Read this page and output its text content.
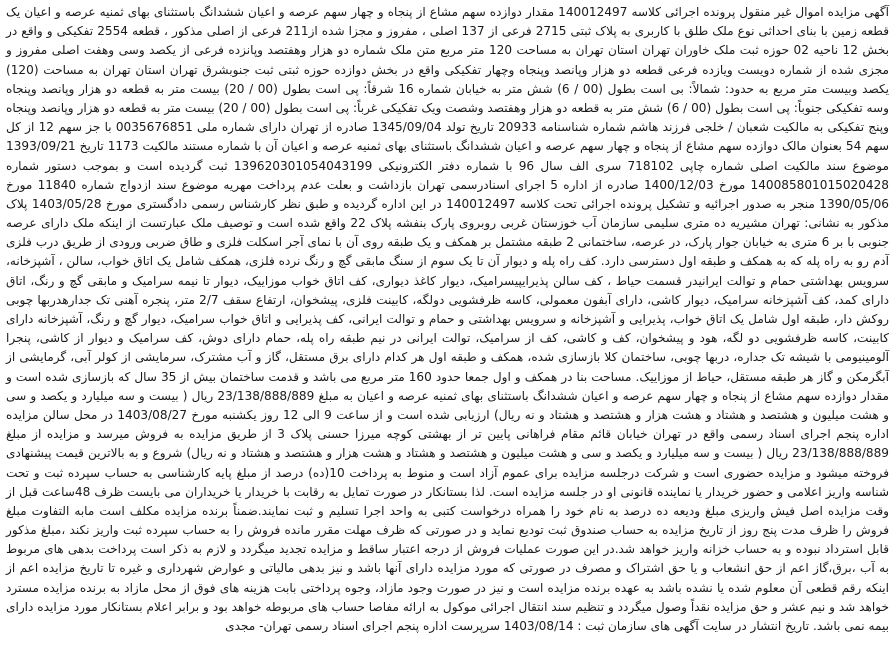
آگهی مزایده اموال غیر منقول پرونده اجرائی کلاسه 140012497 مقدار دوازده سهم مشاع از پنجاه و چهار سهم عرصه و اعیان ششدانگ باستثنای بهای ثمنیه عرصه و اعیان یک قطعه زمین با بنای احداثی نوع ملک طلق با کاربری به پلاک ثبتی 2715 فرعی از 137 اصلی ، مفروز و مجزا شده از211 فرعی از اصلی مذکور ، قطعه 2554 تفکیکی و واقع در بخش 12 ناحیه 02 حوزه ثبت ملک خاوران تهران استان تهران به مساحت 120 متر مربع متن ملک شماره دو هزار وهفتصد وپانزده فرعی از یکصد وسی وهفت اصلی مفروز و مجزی شده از شماره دویست ویازده فرعی قطعه دو هزار وپانصد وپنجاه وچهار تفکیکی واقع در بخش دوازده حوزه ثبتی ثبت جنوبشرق تهران استان تهران به مساحت (120) یکصد وبیست متر مربع به حدود: شمالاً: بی است بطول (00 / 6) شش متر به خیابان شماره 16 شرقاً: پی است بطول (00 / 20) بیست متر به قطعه دو هزار وپانصد وپنجاه وسه تفکیکی جنوباً: پی است بطول (00 / 6) شش متر به قطعه دو هزار وهفتصد وشصت ویک تفکیکی غرباً: پی است بطول (00 / 20) بیست متر به قطعه دو هزار وپانصد وپنجاه وپنج تفکیکی به مالکیت شعبان / خلجی فرزند هاشم شماره شناسنامه 20933 تاریخ تولد 1345/09/04 صادره از تهران دارای شماره ملی 0035676851 با جز سهم 12 از کل سهم 54 بعنوان مالک دوازده سهم مشاع از پنجاه و چهار سهم عرصه و اعیان ششدانگ باستثنای بهای ثمنیه عرصه و اعیان آن با شماره مستند مالکیت 1173 تاریخ 1393/09/21 موضوع سند مالکیت اصلی شماره چاپی 718102 سری الف سال 96 با شماره دفتر الکترونیکی 139620301054043199 ثبت گردیده است و بموجب دستور شماره 140085801015020428 مورخ 1400/12/03 صادره از اداره 5 اجرای اسنادرسمی تهران بازداشت و بعلت عدم پرداخت مهریه موضوع سند ازدواج شماره 11840 مورخ 1390/05/06 منجر به صدور اجرائیه و تشکیل پرونده اجرائی تحت کلاسه 140012497 در این اداره گردیده و طبق نظر کارشناس رسمی دادگستری مورخ 1403/05/28 پلاک مذکور به نشانی: تهران مشیریه ده متری سلیمی سازمان آب خوزستان غربی روبروی پارک بنفشه پلاک 22 واقع شده است و توصیف ملک عبارتست از اینکه ملک دارای عرصه جنوبی با بر 6 متری به خیابان جوار پارک، در عرصه، ساختمانی 2 طبقه مشتمل بر همکف و یک طبقه روی آن با نمای آجر اسکلت فلزی و طاق ضربی ورودی از طریق درب فلزی آدم رو به راه پله که به همکف و طبقه اول دسترسی دارد. کف راه پله و دیوار آن تا یک سوم از سنگ مابقی گچ و رنگ نرده فلزی، همکف شامل یک اتاق خواب، سالن ، آشپزخانه، سرویس بهداشتی حمام و توالت ایرانیدر قسمت حیاط ، کف سالن پذیرایپیسرامیک، دیوار کاغذ دیواری، کف اتاق خواب موزاییک، دیوار تا نیمه سرامیک و مابقی گچ و رنگ، اتاق دارای کمد، کف آشپزخانه سرامیک، دیوار کاشی، دارای آبفون معمولی، کاسه ظرفشویی دولگه، کابینت فلزی، پیشخوان، ارتفاع سقف 2/7 متر، پنجره آهنی تک جدارهدربها چوبی روکش دار، طبقه اول شامل یک اتاق خواب، پذیرایی و آشپزخانه و سرویس بهداشتی و حمام و توالت ایرانی، کف پذیرایی و اتاق خواب سرامیک، دیوار گچ و رنگ، آشپزخانه دارای کابینت، کاسه ظرفشویی دو لگه، هود و پیشخوان، کف و کاشی، کف از سرامیک، توالت ایرانی در نیم طبقه راه پله، حمام دارای دوش، کف سرامیک و دیوار از کاشی، پنجرا آلومینیومی با شیشه تک جداره، دربها چوبی، ساختمان کلا بازسازی شده، همکف و طبقه اول هر کدام دارای برق مستقل، گاز و آب مشترک، سرمایشی از کولر آبی، گرمایشی از آبگرمکن و گاز هر طبقه مستقل، حیاط از موزاییک. مساحت بنا در همکف و اول جمعا حدود 160 متر مربع می باشد و قدمت ساختمان بیش از 35 سال که بازسازی شده است و مقدار دوازده سهم مشاع از پنجاه و چهار سهم عرصه و اعیان ششدانگ باستثنای بهای ثمنیه عرصه و اعیان به مبلغ 23/138/888/889 ریال ( بیست و سه میلیارد و یکصد و سی و هشت میلیون و هشتصد و هشتاد و هشت هزار و هشتصد و هشتاد و نه ریال) ارزیابی شده است و از ساعت 9 الی 12 روز یکشنبه مورخ 1403/08/27 در محل سالن مزایده اداره پنجم اجرای اسناد رسمی واقع در تهران خیابان قائم مقام فراهانی پایین تر از بهشتی کوچه میرزا حسنی پلاک 3 از طریق مزایده به فروش میرسد و مزایده از مبلغ 23/138/888/889 ریال ( بیست و سه میلیارد و یکصد و سی و هشت میلیون و هشتصد و هشتاد و هشت هزار و هشتصد و هشتاد و نه ریال) شروع و به بالاترین قیمت پیشنهادی فروخته میشود و مزایده حضوری است و شرکت درجلسه مزایده برای عموم آزاد است و منوط به پرداخت 10(ده) درصد از مبلغ پایه کارشناسی به حساب سپرده ثبت و تحت شناسه واریز اعلامی و حضور خریدار یا نماینده قانونی او در جلسه مزایده است. لذا بستانکار در صورت تمایل به رقابت با خریدار یا خریداران می بایست ظرف 48ساعت قبل از وقت مزایده اصل فیش واریزی مبلغ ودیعه ده درصد به نام خود را همراه درخواست کتبی به واحد اجرا تسلیم و ثبت نمایند.ضمناً برنده مزایده مکلف است مابه التفاوت مبلغ فروش را ظرف مدت پنج روز از تاریخ مزایده به حساب صندوق ثبت تودیع نماید و در صورتی که ظرف مهلت مقرر مانده فروش را به حساب سپرده ثبت واریز نکند ،مبلغ مذکور قابل استرداد نبوده و به حساب خزانه واریز خواهد شد.در این صورت عملیات فروش از درجه اعتبار ساقط و مزایده تجدید میگردد و لازم به ذکر است پرداخت بدهی های مربوط به آب ،برق،گاز اعم از حق انشعاب و یا حق اشتراک و مصرف در صورتی که مورد مزایده دارای آنها باشد و نیز بدهی مالیاتی و عوارض شهرداری و غیره تا تاریخ مزایده اعم از اینکه رقم قطعی آن معلوم شده یا نشده باشد به عهده برنده مزایده است و نیز در صورت وجود مازاد، وجوه پرداختی بابت هزینه های فوق از محل مازاد به برنده مزایده مسترد خواهد شد و نیم عشر و حق مزایده نقداً وصول میگردد و تنظیم سند انتقال اجرائی موکول به ارائه مفاصا حساب های مربوطه خواهد بود و برابر اعلام بستانکار مورد مزایده دارای بیمه نمی باشد. تاریخ انتشار در سایت آگهی های سازمان ثبت : 1403/08/14 سرپرست اداره پنجم اجرای اسناد رسمی تهران- مجدی
